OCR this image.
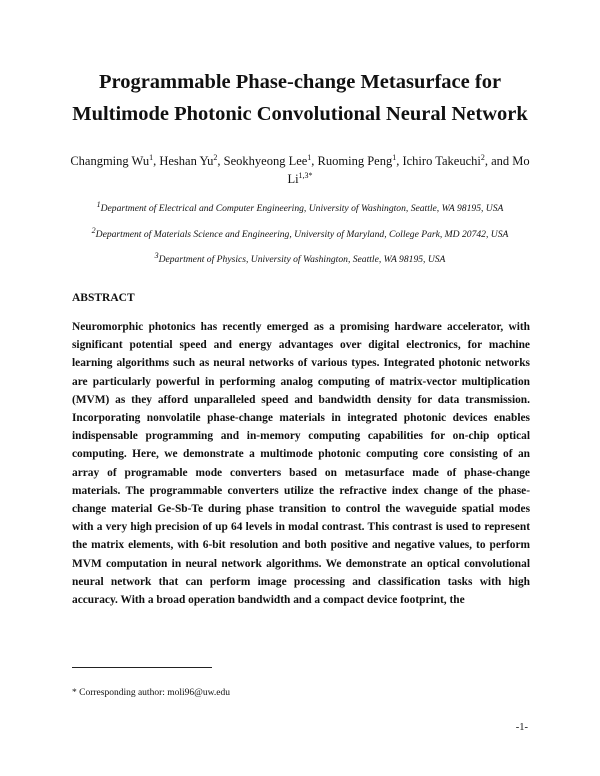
Programmable Phase-change Metasurface for
Multimode Photonic Convolutional Neural Network
Changming Wu$^1$, Heshan Yu$^2$, Seokhyeong Lee$^1$, Ruoming Peng$^1$, Ichiro Takeuchi$^2$, and Mo $Li^{1,3*}$
$^1$Department of Electrical and Computer Engineering, University of Washington, Seattle, WA 98195, USA
$^2$Department of Materials Science and Engineering, University of Maryland, College Park, MD 20742, USA
$^3$Department of Physics, University of Washington, Seattle, WA 98195, USA
ABSTRACT
Neuromorphic photonics has recently emerged as a promising hardware accelerator, with significant potential speed and energy advantages over digital electronics, for machine learning algorithms such as neural networks of various types. Integrated photonic networks are particularly powerful in performing analog computing of matrix-vector multiplication (MVM) as they afford unparalleled speed and bandwidth density for data transmission. Incorporating nonvolatile phase-change materials in integrated photonic devices enables indispensable programming and in-memory computing capabilities for on-chip optical computing. Here, we demonstrate a multimode photonic computing core consisting of an array of programable mode converters based on metasurface made of phase-change materials. The programmable converters utilize the refractive index change of the phase-change material Ge-Sb-Te during phase transition to control the waveguide spatial modes with a very high precision of up 64 levels in modal contrast. This contrast is used to represent the matrix elements, with 6-bit resolution and both positive and negative values, to perform MVM computation in neural network algorithms. We demonstrate an optical convolutional neural network that can perform image processing and classification tasks with high accuracy. With a broad operation bandwidth and a compact device footprint, the
* Corresponding author: moli96@uw.edu
-1-
